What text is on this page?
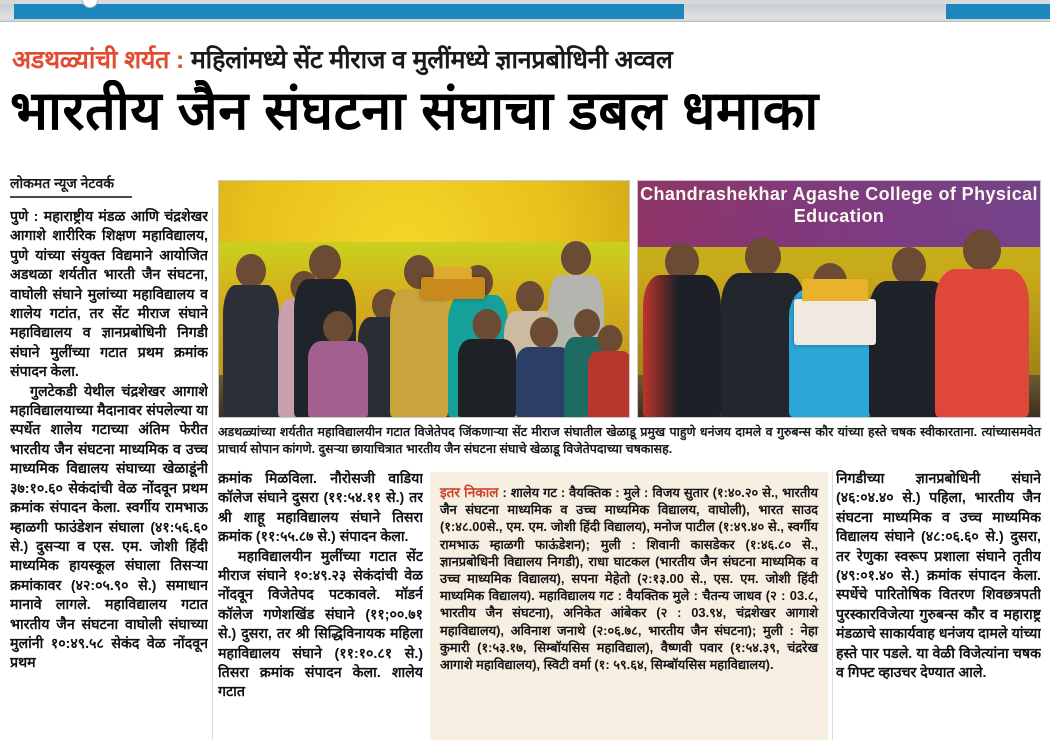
अडथळ्यांची शर्यत : महिलांमध्ये सेंट मीराज व मुलींमध्ये ज्ञानप्रबोधिनी अव्वल
भारतीय जैन संघटना संघाचा डबल धमाका
लोकमत न्यूज नेटवर्क
Chandrashekhar Agashe College of Physical Education
अडथळ्यांच्या शर्यतीत महाविद्यालयीन गटात विजेतेपद जिंकणाऱ्या सेंट मीराज संघातील खेळाडू प्रमुख पाहुणे धनंजय दामले व गुरुबन्स कौर यांच्या हस्ते चषक स्वीकारताना. त्यांच्यासमवेत प्राचार्य सोपान कांगणे. दुसऱ्या छायाचित्रात भारतीय जैन संघटना संघाचे खेळाडू विजेतेपदाच्या चषकासह.

पुणे : महाराष्ट्रीय मंडळ आणि चंद्रशेखर आगाशे शारीरिक शिक्षण महाविद्यालय, पुणे यांच्या संयुक्त विद्यमाने आयोजित अडथळा शर्यतीत भारती जैन संघटना, वाघोली संघाने मुलांच्या महाविद्यालय व शालेय गटांत, तर सेंट मीराज संघाने महाविद्यालय व ज्ञानप्रबोधिनी निगडी संघाने मुलींच्या गटात प्रथम क्रमांक संपादन केला.

गुलटेकडी येथील चंद्रशेखर आगाशे महाविद्यालयाच्या मैदानावर संपलेल्या या स्पर्धेत शालेय गटाच्या अंतिम फेरीत भारतीय जैन संघटना माध्यमिक व उच्च माध्यमिक विद्यालय संघाच्या खेळाडूंनी ३७:१०.६० सेकंदांची वेळ नोंदवून प्रथम क्रमांक संपादन केला. स्वर्गीय रामभाऊ म्हाळगी फाउंडेशन संघाला (४१:५६.६० से.) दुसऱ्या व एस. एम. जोशी हिंदी माध्यमिक हायस्कूल संघाला तिसऱ्या क्रमांकावर (४२:०५.९० से.) समाधान मानावे लागले. महाविद्यालय गटात भारतीय जैन संघटना वाघोली संघाच्या मुलांनी १०:४९.५८ सेकंद वेळ नोंदवून प्रथम

क्रमांक मिळविला. नौरोसजी वाडिया कॉलेज संघाने दुसरा (११:५४.११ से.) तर श्री शाहू महाविद्यालय संघाने तिसरा क्रमांक (११:५५.८७ से.) संपादन केला.

महाविद्यालयीन मुलींच्या गटात सेंट मीराज संघाने १०:४९.२३ सेकंदांची वेळ नोंदवून विजेतेपद पटकावले. मॉडर्न कॉलेज गणेशखिंड संघाने (११;००.७१ से.) दुसरा, तर श्री सिद्धिविनायक महिला महाविद्यालय संघाने (११:१०.८१ से.) तिसरा क्रमांक संपादन केला. शालेय गटात

इतर निकाल : शालेय गट : वैयक्तिक : मुले : विजय सुतार (१:४०.२० से., भारतीय जैन संघटना माध्यमिक व उच्च माध्यमिक विद्यालय, वाघोली), भारत साउद (१:४८.00से., एम. एम. जोशी हिंदी विद्यालय), मनोज पाटील (१:४९.४० से., स्वर्गीय रामभाऊ म्हाळगी फाऊंडेशन); मुली : शिवानी कासडेकर (१:४६.८० से., ज्ञानप्रबोधिनी विद्यालय निगडी), राधा घाटकल (भारतीय जैन संघटना माध्यमिक व उच्च माध्यमिक विद्यालय), सपना मेहेतो (२:१३.00 से., एस. एम. जोशी हिंदी माध्यमिक विद्यालय). महाविद्यालय गट : वैयक्तिक मुले : चैतन्य जाधव (२ : 03.८, भारतीय जैन संघटना), अनिकेत आंबेकर (२ : 03.९४, चंद्रशेखर आगाशे महाविद्यालय), अविनाश जनाथे (२:०६.७८, भारतीय जैन संघटना); मुली : नेहा कुमारी (१:५३.१७, सिम्बॉयसिस महाविद्याल), वैष्णवी पवार (१:५४.३९, चंद्ररेख आगाशे महाविद्यालय), स्विटी वर्मा (१: ५९.६४, सिम्बॉयसिस महाविद्यालय).

निगडीच्या ज्ञानप्रबोधिनी संघाने (४६:०४.४० से.) पहिला, भारतीय जैन संघटना माध्यमिक व उच्च माध्यमिक विद्यालय संघाने (४८:०६.६० से.) दुसरा, तर रेणुका स्वरूप प्रशाला संघाने तृतीय (४९:०१.४० से.) क्रमांक संपादन केला. स्पर्धेचे पारितोषिक वितरण शिवछत्रपती पुरस्कारविजेत्या गुरुबन्स कौर व महाराष्ट्र मंडळाचे साकार्यवाह धनंजय दामले यांच्या हस्ते पार पडले. या वेळी विजेत्यांना चषक व गिफ्ट व्हाउचर देण्यात आले.
